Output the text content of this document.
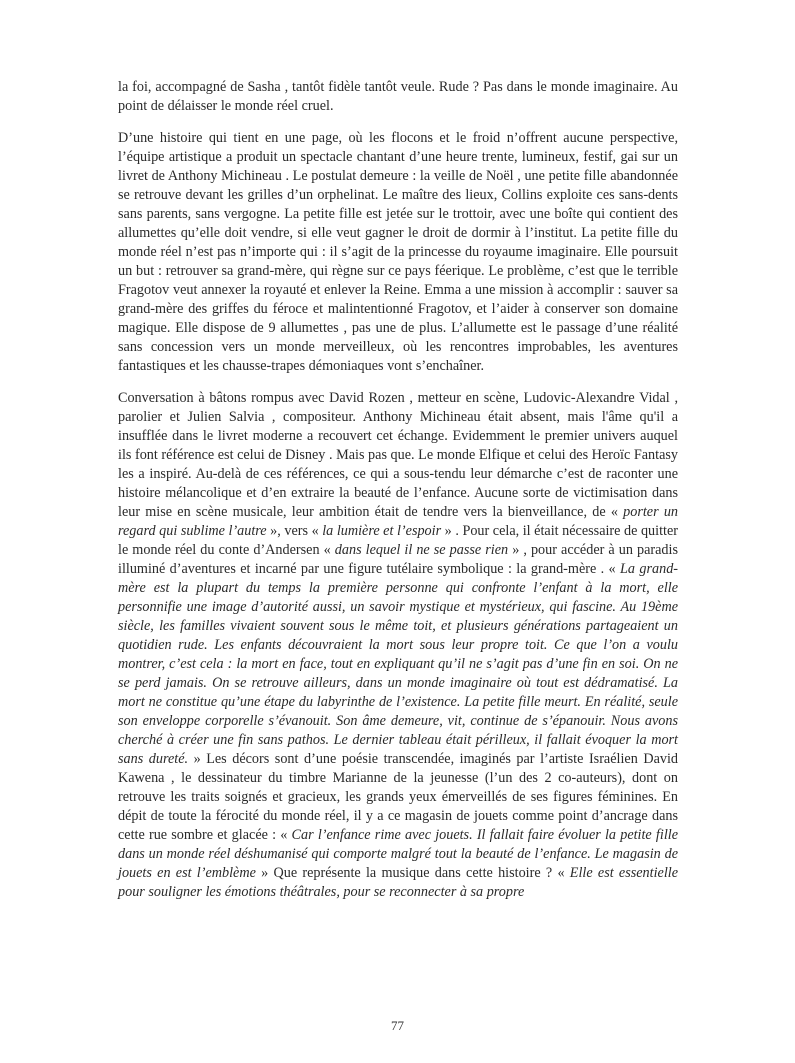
la foi, accompagné de Sasha , tantôt fidèle tantôt veule. Rude ? Pas dans le monde imaginaire. Au point de délaisser le monde réel cruel.

D’une histoire qui tient en une page, où les flocons et le froid n’offrent aucune perspective, l’équipe artistique a produit un spectacle chantant d’une heure trente, lumineux, festif, gai sur un livret de Anthony Michineau . Le postulat demeure : la veille de Noël , une petite fille abandonnée se retrouve devant les grilles d’un orphelinat. Le maître des lieux, Collins exploite ces sans-dents sans parents, sans vergogne. La petite fille est jetée sur le trottoir, avec une boîte qui contient des allumettes qu’elle doit vendre, si elle veut gagner le droit de dormir à l’institut. La petite fille du monde réel n’est pas n’importe qui : il s’agit de la princesse du royaume imaginaire. Elle poursuit un but : retrouver sa grand-mère, qui règne sur ce pays féerique. Le problème, c’est que le terrible Fragotov veut annexer la royauté et enlever la Reine. Emma a une mission à accomplir : sauver sa grand-mère des griffes du féroce et malintentionné Fragotov, et l’aider à conserver son domaine magique. Elle dispose de 9 allumettes , pas une de plus. L’allumette est le passage d’une réalité sans concession vers un monde merveilleux, où les rencontres improbables, les aventures fantastiques et les chausse-trapes démoniaques vont s’enchaîner.

Conversation à bâtons rompus avec David Rozen , metteur en scène, Ludovic-Alexandre Vidal , parolier et Julien Salvia , compositeur. Anthony Michineau était absent, mais l'âme qu'il a insufflée dans le livret moderne a recouvert cet échange. Evidemment le premier univers auquel ils font référence est celui de Disney . Mais pas que. Le monde Elfique et celui des Heroïc Fantasy les a inspiré. Au-delà de ces références, ce qui a sous-tendu leur démarche c’est de raconter une histoire mélancolique et d’en extraire la beauté de l’enfance. Aucune sorte de victimisation dans leur mise en scène musicale, leur ambition était de tendre vers la bienveillance, de « porter un regard qui sublime l’autre », vers « la lumière et l’espoir » . Pour cela, il était nécessaire de quitter le monde réel du conte d’Andersen « dans lequel il ne se passe rien » , pour accéder à un paradis illuminé d’aventures et incarné par une figure tutélaire symbolique : la grand-mère . « La grand-mère est la plupart du temps la première personne qui confronte l’enfant à la mort, elle personnifie une image d’autorité aussi, un savoir mystique et mystérieux, qui fascine. Au 19ème siècle, les familles vivaient souvent sous le même toit, et plusieurs générations partageaient un quotidien rude. Les enfants découvraient la mort sous leur propre toit. Ce que l’on a voulu montrer, c’est cela : la mort en face, tout en expliquant qu’il ne s’agit pas d’une fin en soi. On ne se perd jamais. On se retrouve ailleurs, dans un monde imaginaire où tout est dédramatisé. La mort ne constitue qu’une étape du labyrinthe de l’existence. La petite fille meurt. En réalité, seule son enveloppe corporelle s’évanouit. Son âme demeure, vit, continue de s’épanouir. Nous avons cherché à créer une fin sans pathos. Le dernier tableau était périlleux, il fallait évoquer la mort sans dureté. » Les décors sont d’une poésie transcendée, imaginés par l’artiste Israélien David Kawena , le dessinateur du timbre Marianne de la jeunesse (l’un des 2 co-auteurs), dont on retrouve les traits soignés et gracieux, les grands yeux émerveillés de ses figures féminines. En dépit de toute la férocité du monde réel, il y a ce magasin de jouets comme point d’ancrage dans cette rue sombre et glacée : « Car l’enfance rime avec jouets. Il fallait faire évoluer la petite fille dans un monde réel déshumanisé qui comporte malgré tout la beauté de l’enfance. Le magasin de jouets en est l’emblème » Que représente la musique dans cette histoire ? « Elle est essentielle pour souligner les émotions théâtrales, pour se reconnecter à sa propre

77
